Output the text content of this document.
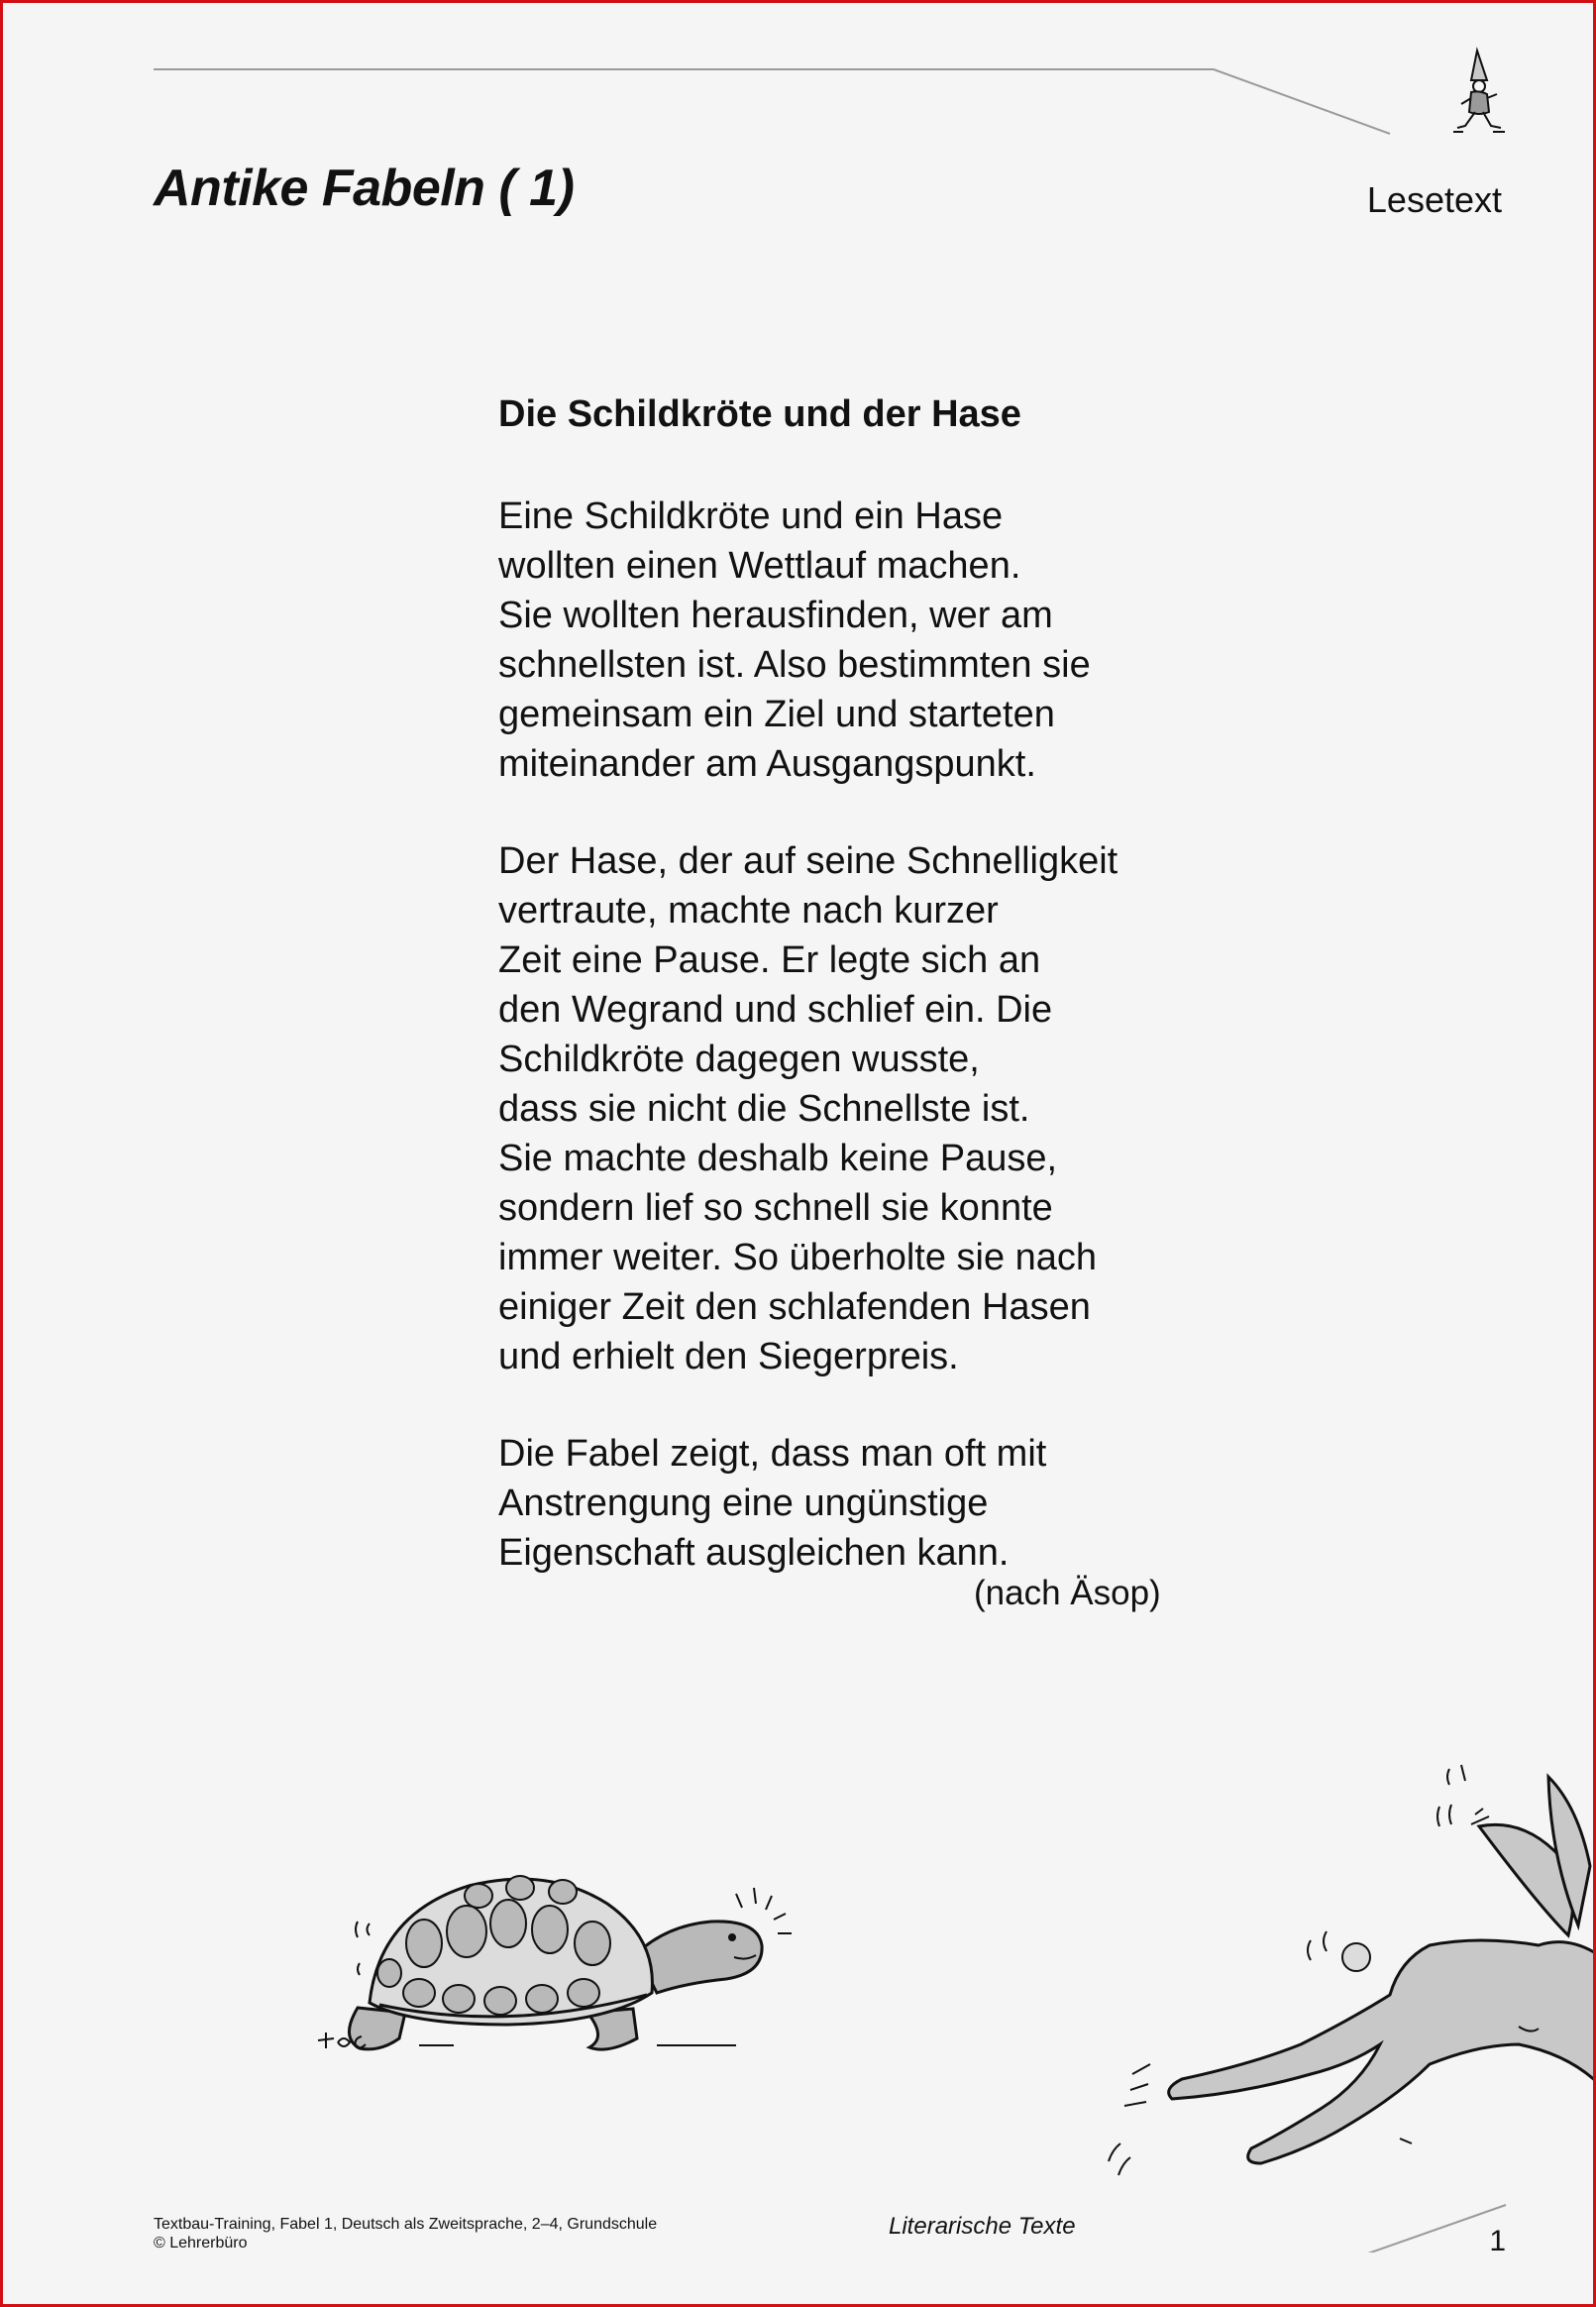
Antike Fabeln ( 1)	Lesetext
Die Schildkröte und der Hase

Eine Schildkröte und ein Hase
wollten einen Wettlauf machen.
Sie wollten herausfinden, wer am
schnellsten ist. Also bestimmten sie
gemeinsam ein Ziel und starteten
miteinander am Ausgangspunkt.

Der Hase, der auf seine Schnelligkeit
vertraute, machte nach kurzer
Zeit eine Pause. Er legte sich an
den Wegrand und schlief ein. Die
Schildkröte dagegen wusste,
dass sie nicht die Schnellste ist.
Sie machte deshalb keine Pause,
sondern lief so schnell sie konnte
immer weiter. So überholte sie nach
einiger Zeit den schlafenden Hasen
und erhielt den Siegerpreis.

Die Fabel zeigt, dass man oft mit
Anstrengung eine ungünstige
Eigenschaft ausgleichen kann.

(nach Äsop)
Textbau-Training, Fabel 1, Deutsch als Zweitsprache, 2–4, Grundschule
© Lehrerbüro
Literarische Texte	1
